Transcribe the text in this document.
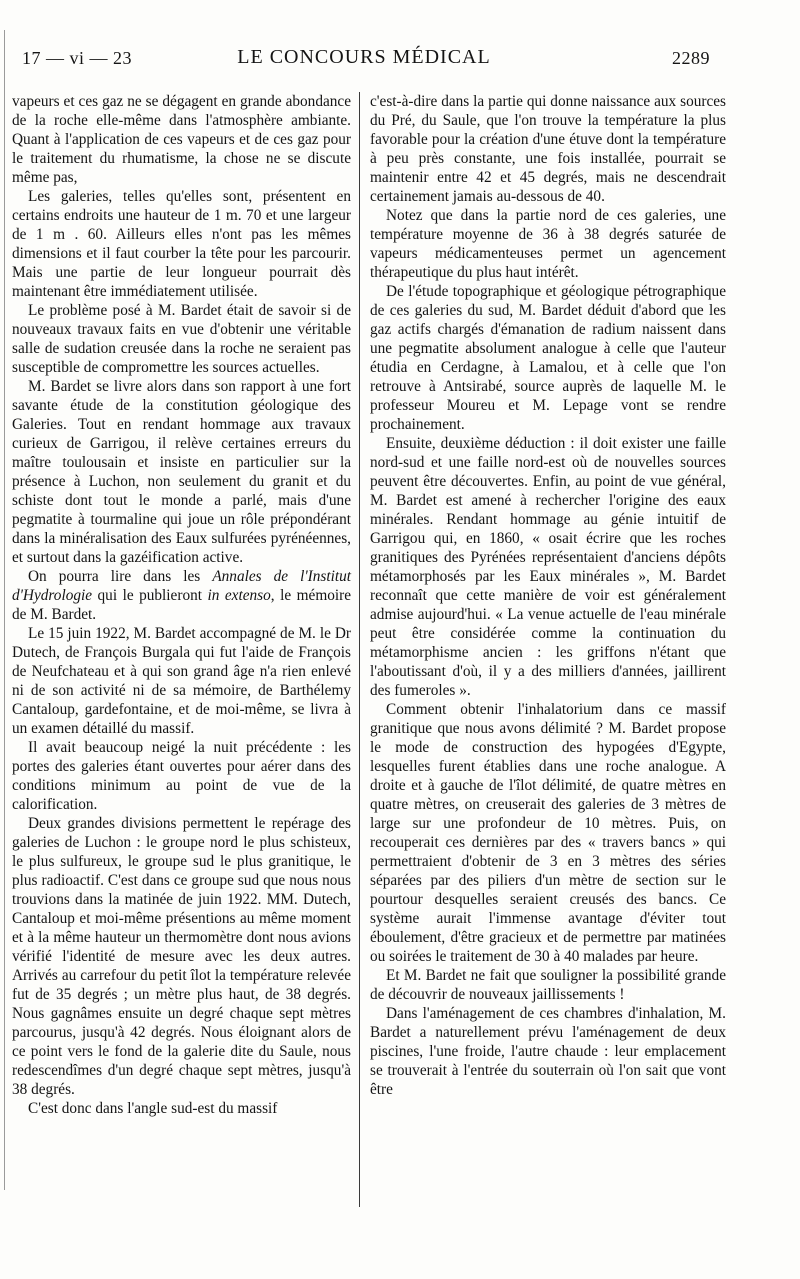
17 — vi — 23	LE CONCOURS MÉDICAL	2289

vapeurs et ces gaz ne se dégagent en grande abondance de la roche elle-même dans l'atmosphère ambiante. Quant à l'application de ces vapeurs et de ces gaz pour le traitement du rhumatisme, la chose ne se discute même pas,

Les galeries, telles qu'elles sont, présentent en certains endroits une hauteur de 1 m. 70 et une largeur de 1 m . 60. Ailleurs elles n'ont pas les mêmes dimensions et il faut courber la tête pour les parcourir. Mais une partie de leur longueur pourrait dès maintenant être immédiatement utilisée.

Le problème posé à M. Bardet était de savoir si de nouveaux travaux faits en vue d'obtenir une véritable salle de sudation creusée dans la roche ne seraient pas susceptible de compromettre les sources actuelles.

M. Bardet se livre alors dans son rapport à une fort savante étude de la constitution géologique des Galeries. Tout en rendant hommage aux travaux curieux de Garrigou, il relève certaines erreurs du maître toulousain et insiste en particulier sur la présence à Luchon, non seulement du granit et du schiste dont tout le monde a parlé, mais d'une pegmatite à tourmaline qui joue un rôle prépondérant dans la minéralisation des Eaux sulfurées pyrénéennes, et surtout dans la gazéification active.

On pourra lire dans les Annales de l'Institut d'Hydrologie qui le publieront in extenso, le mémoire de M. Bardet.

Le 15 juin 1922, M. Bardet accompagné de M. le Dr Dutech, de François Burgala qui fut l'aide de François de Neufchateau et à qui son grand âge n'a rien enlevé ni de son activité ni de sa mémoire, de Barthélemy Cantaloup, gardefontaine, et de moi-même, se livra à un examen détaillé du massif.

Il avait beaucoup neigé la nuit précédente : les portes des galeries étant ouvertes pour aérer dans des conditions minimum au point de vue de la calorification.

Deux grandes divisions permettent le repérage des galeries de Luchon : le groupe nord le plus schisteux, le plus sulfureux, le groupe sud le plus granitique, le plus radioactif. C'est dans ce groupe sud que nous nous trouvions dans la matinée de juin 1922. MM. Dutech, Cantaloup et moi-même présentions au même moment et à la même hauteur un thermomètre dont nous avions vérifié l'identité de mesure avec les deux autres. Arrivés au carrefour du petit îlot la température relevée fut de 35 degrés ; un mètre plus haut, de 38 degrés. Nous gagnâmes ensuite un degré chaque sept mètres parcourus, jusqu'à 42 degrés. Nous éloignant alors de ce point vers le fond de la galerie dite du Saule, nous redescendîmes d'un degré chaque sept mètres, jusqu'à 38 degrés.

C'est donc dans l'angle sud-est du massif

c'est-à-dire dans la partie qui donne naissance aux sources du Pré, du Saule, que l'on trouve la température la plus favorable pour la création d'une étuve dont la température à peu près constante, une fois installée, pourrait se maintenir entre 42 et 45 degrés, mais ne descendrait certainement jamais au-dessous de 40.

Notez que dans la partie nord de ces galeries, une température moyenne de 36 à 38 degrés saturée de vapeurs médicamenteuses permet un agencement thérapeutique du plus haut intérêt.

De l'étude topographique et géologique pétrographique de ces galeries du sud, M. Bardet déduit d'abord que les gaz actifs chargés d'émanation de radium naissent dans une pegmatite absolument analogue à celle que l'auteur étudia en Cerdagne, à Lamalou, et à celle que l'on retrouve à Antsirabé, source auprès de laquelle M. le professeur Moureu et M. Lepage vont se rendre prochainement.

Ensuite, deuxième déduction : il doit exister une faille nord-sud et une faille nord-est où de nouvelles sources peuvent être découvertes. Enfin, au point de vue général, M. Bardet est amené à rechercher l'origine des eaux minérales. Rendant hommage au génie intuitif de Garrigou qui, en 1860, « osait écrire que les roches granitiques des Pyrénées représentaient d'anciens dépôts métamorphosés par les Eaux minérales », M. Bardet reconnaît que cette manière de voir est généralement admise aujourd'hui. « La venue actuelle de l'eau minérale peut être considérée comme la continuation du métamorphisme ancien : les griffons n'étant que l'aboutissant d'où, il y a des milliers d'années, jaillirent des fumeroles ».

Comment obtenir l'inhalatorium dans ce massif granitique que nous avons délimité ? M. Bardet propose le mode de construction des hypogées d'Egypte, lesquelles furent établies dans une roche analogue. A droite et à gauche de l'îlot délimité, de quatre mètres en quatre mètres, on creuserait des galeries de 3 mètres de large sur une profondeur de 10 mètres. Puis, on recouperait ces dernières par des « travers bancs » qui permettraient d'obtenir de 3 en 3 mètres des séries séparées par des piliers d'un mètre de section sur le pourtour desquelles seraient creusés des bancs. Ce système aurait l'immense avantage d'éviter tout éboulement, d'être gracieux et de permettre par matinées ou soirées le traitement de 30 à 40 malades par heure.

Et M. Bardet ne fait que souligner la possibilité grande de découvrir de nouveaux jaillissements !

Dans l'aménagement de ces chambres d'inhalation, M. Bardet a naturellement prévu l'aménagement de deux piscines, l'une froide, l'autre chaude : leur emplacement se trouverait à l'entrée du souterrain où l'on sait que vont être
